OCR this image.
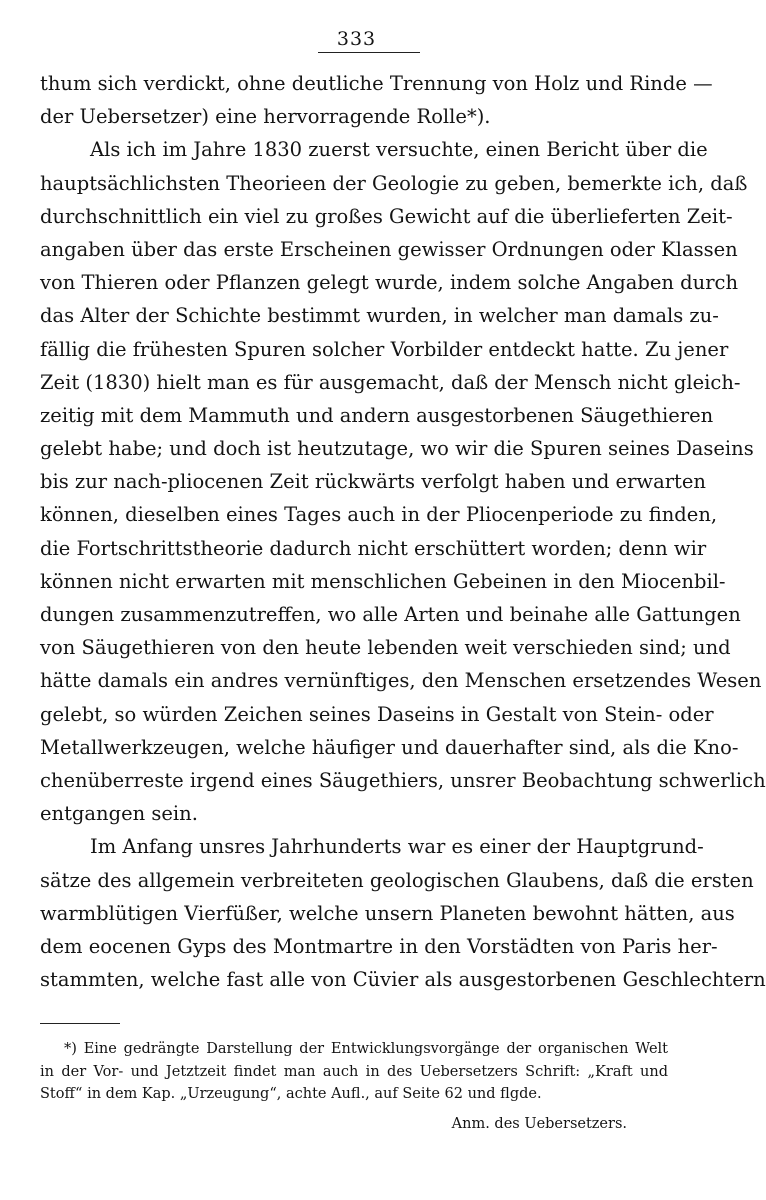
333
thum sich verdickt, ohne deutliche Trennung von Holz und Rinde —
der Uebersetzer) eine hervorragende Rolle*).
Als ich im Jahre 1830 zuerst versuchte, einen Bericht über die
hauptsächlichsten Theorieen der Geologie zu geben, bemerkte ich, daß
durchschnittlich ein viel zu großes Gewicht auf die überlieferten Zeit-
angaben über das erste Erscheinen gewisser Ordnungen oder Klassen
von Thieren oder Pflanzen gelegt wurde, indem solche Angaben durch
das Alter der Schichte bestimmt wurden, in welcher man damals zu-
fällig die frühesten Spuren solcher Vorbilder entdeckt hatte. Zu jener
Zeit (1830) hielt man es für ausgemacht, daß der Mensch nicht gleich-
zeitig mit dem Mammuth und andern ausgestorbenen Säugethieren
gelebt habe; und doch ist heutzutage, wo wir die Spuren seines Daseins
bis zur nach-pliocenen Zeit rückwärts verfolgt haben und erwarten
können, dieselben eines Tages auch in der Pliocenperiode zu finden,
die Fortschrittstheorie dadurch nicht erschüttert worden; denn wir
können nicht erwarten mit menschlichen Gebeinen in den Miocenbil-
dungen zusammenzutreffen, wo alle Arten und beinahe alle Gattungen
von Säugethieren von den heute lebenden weit verschieden sind; und
hätte damals ein andres vernünftiges, den Menschen ersetzendes Wesen
gelebt, so würden Zeichen seines Daseins in Gestalt von Stein- oder
Metallwerkzeugen, welche häufiger und dauerhafter sind, als die Kno-
chenüberreste irgend eines Säugethiers, unsrer Beobachtung schwerlich
entgangen sein.
Im Anfang unsres Jahrhunderts war es einer der Hauptgrund-
sätze des allgemein verbreiteten geologischen Glaubens, daß die ersten
warmblütigen Vierfüßer, welche unsern Planeten bewohnt hätten, aus
dem eocenen Gyps des Montmartre in den Vorstädten von Paris her-
stammten, welche fast alle von Cüvier als ausgestorbenen Geschlechtern
*) Eine gedrängte Darstellung der Entwicklungsvorgänge der organischen Welt
in der Vor- und Jetztzeit findet man auch in des Uebersetzers Schrift: „Kraft und
Stoff“ in dem Kap. „Urzeugung“, achte Aufl., auf Seite 62 und flgde.
Anm. des Uebersetzers.
